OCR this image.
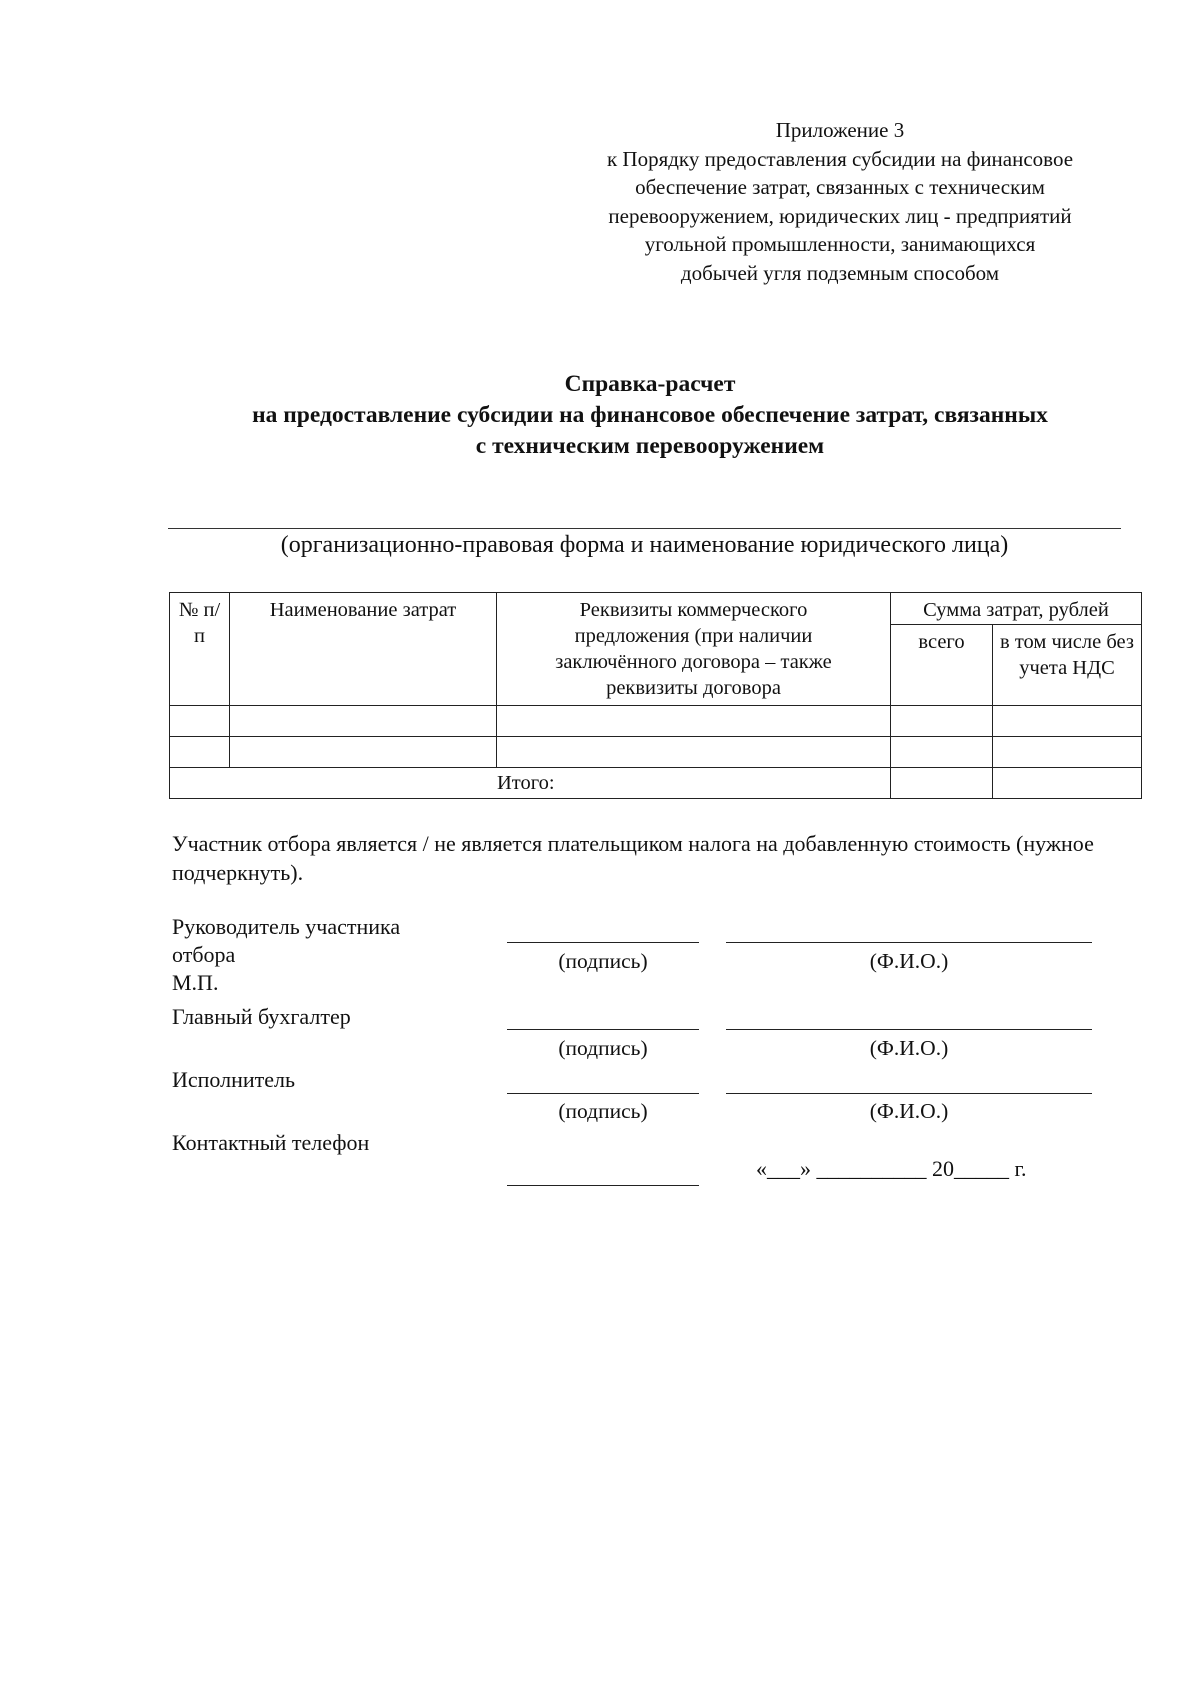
Приложение 3
к Порядку предоставления субсидии на финансовое
обеспечение затрат, связанных с техническим
перевооружением, юридических лиц - предприятий
угольной промышленности, занимающихся
добычей угля подземным способом
Справка-расчет
на предоставление субсидии на финансовое обеспечение затрат, связанных
с техническим перевооружением
(организационно-правовая форма и наименование юридического лица)
№ п/п	Наименование затрат	Реквизиты коммерческого предложения (при наличии заключённого договора – также реквизиты договора	Сумма затрат, рублей	

			всего	в том числе без учета НДС

Итого:				
Участник отбора является / не является плательщиком налога на добавленную стоимость (нужное подчеркнуть).
Руководитель участника
отбора
М.П.
(подпись)	(Ф.И.О.)
Главный бухгалтер
(подпись)	(Ф.И.О.)
Исполнитель
(подпись)	(Ф.И.О.)
Контактный телефон
«___» __________ 20_____ г.
